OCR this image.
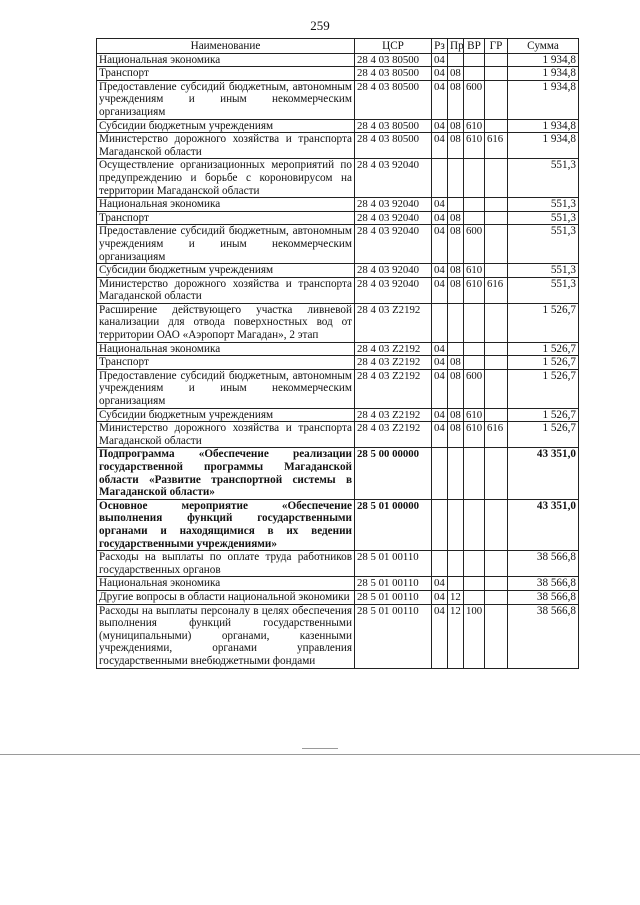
259
Наименование	ЦСР	Рз	Пр	ВР	ГР	Сумма
Национальная экономика	28 4 03 80500	04				1 934,8
Транспорт	28 4 03 80500	04	08			1 934,8
Предоставление субсидий бюджетным, автономным учреждениям и иным некоммерческим организациям	28 4 03 80500	04	08	600		1 934,8
Субсидии бюджетным учреждениям	28 4 03 80500	04	08	610		1 934,8
Министерство дорожного хозяйства и транспорта Магаданской области	28 4 03 80500	04	08	610	616	1 934,8
Осуществление организационных мероприятий по предупреждению и борьбе с короновирусом на территории Магаданской области	28 4 03 92040					551,3
Национальная экономика	28 4 03 92040	04				551,3
Транспорт	28 4 03 92040	04	08			551,3
Предоставление субсидий бюджетным, автономным учреждениям и иным некоммерческим организациям	28 4 03 92040	04	08	600		551,3
Субсидии бюджетным учреждениям	28 4 03 92040	04	08	610		551,3
Министерство дорожного хозяйства и транспорта Магаданской области	28 4 03 92040	04	08	610	616	551,3
Расширение действующего участка ливневой канализации для отвода поверхностных вод от территории ОАО «Аэропорт Магадан», 2 этап	28 4 03 Z2192					1 526,7
Национальная экономика	28 4 03 Z2192	04				1 526,7
Транспорт	28 4 03 Z2192	04	08			1 526,7
Предоставление субсидий бюджетным, автономным учреждениям и иным некоммерческим организациям	28 4 03 Z2192	04	08	600		1 526,7
Субсидии бюджетным учреждениям	28 4 03 Z2192	04	08	610		1 526,7
Министерство дорожного хозяйства и транспорта Магаданской области	28 4 03 Z2192	04	08	610	616	1 526,7
Подпрограмма «Обеспечение реализации государственной программы Магаданской области «Развитие транспортной системы в Магаданской области»	28 5 00 00000					43 351,0
Основное мероприятие «Обеспечение выполнения функций государственными органами и находящимися в их ведении государственными учреждениями»	28 5 01 00000					43 351,0
Расходы на выплаты по оплате труда работников государственных органов	28 5 01 00110					38 566,8
Национальная экономика	28 5 01 00110	04				38 566,8
Другие вопросы в области национальной экономики	28 5 01 00110	04	12			38 566,8
Расходы на выплаты персоналу в целях обеспечения выполнения функций государственными (муниципальными) органами, казенными учреждениями, органами управления государственными внебюджетными фондами	28 5 01 00110	04	12	100		38 566,8
